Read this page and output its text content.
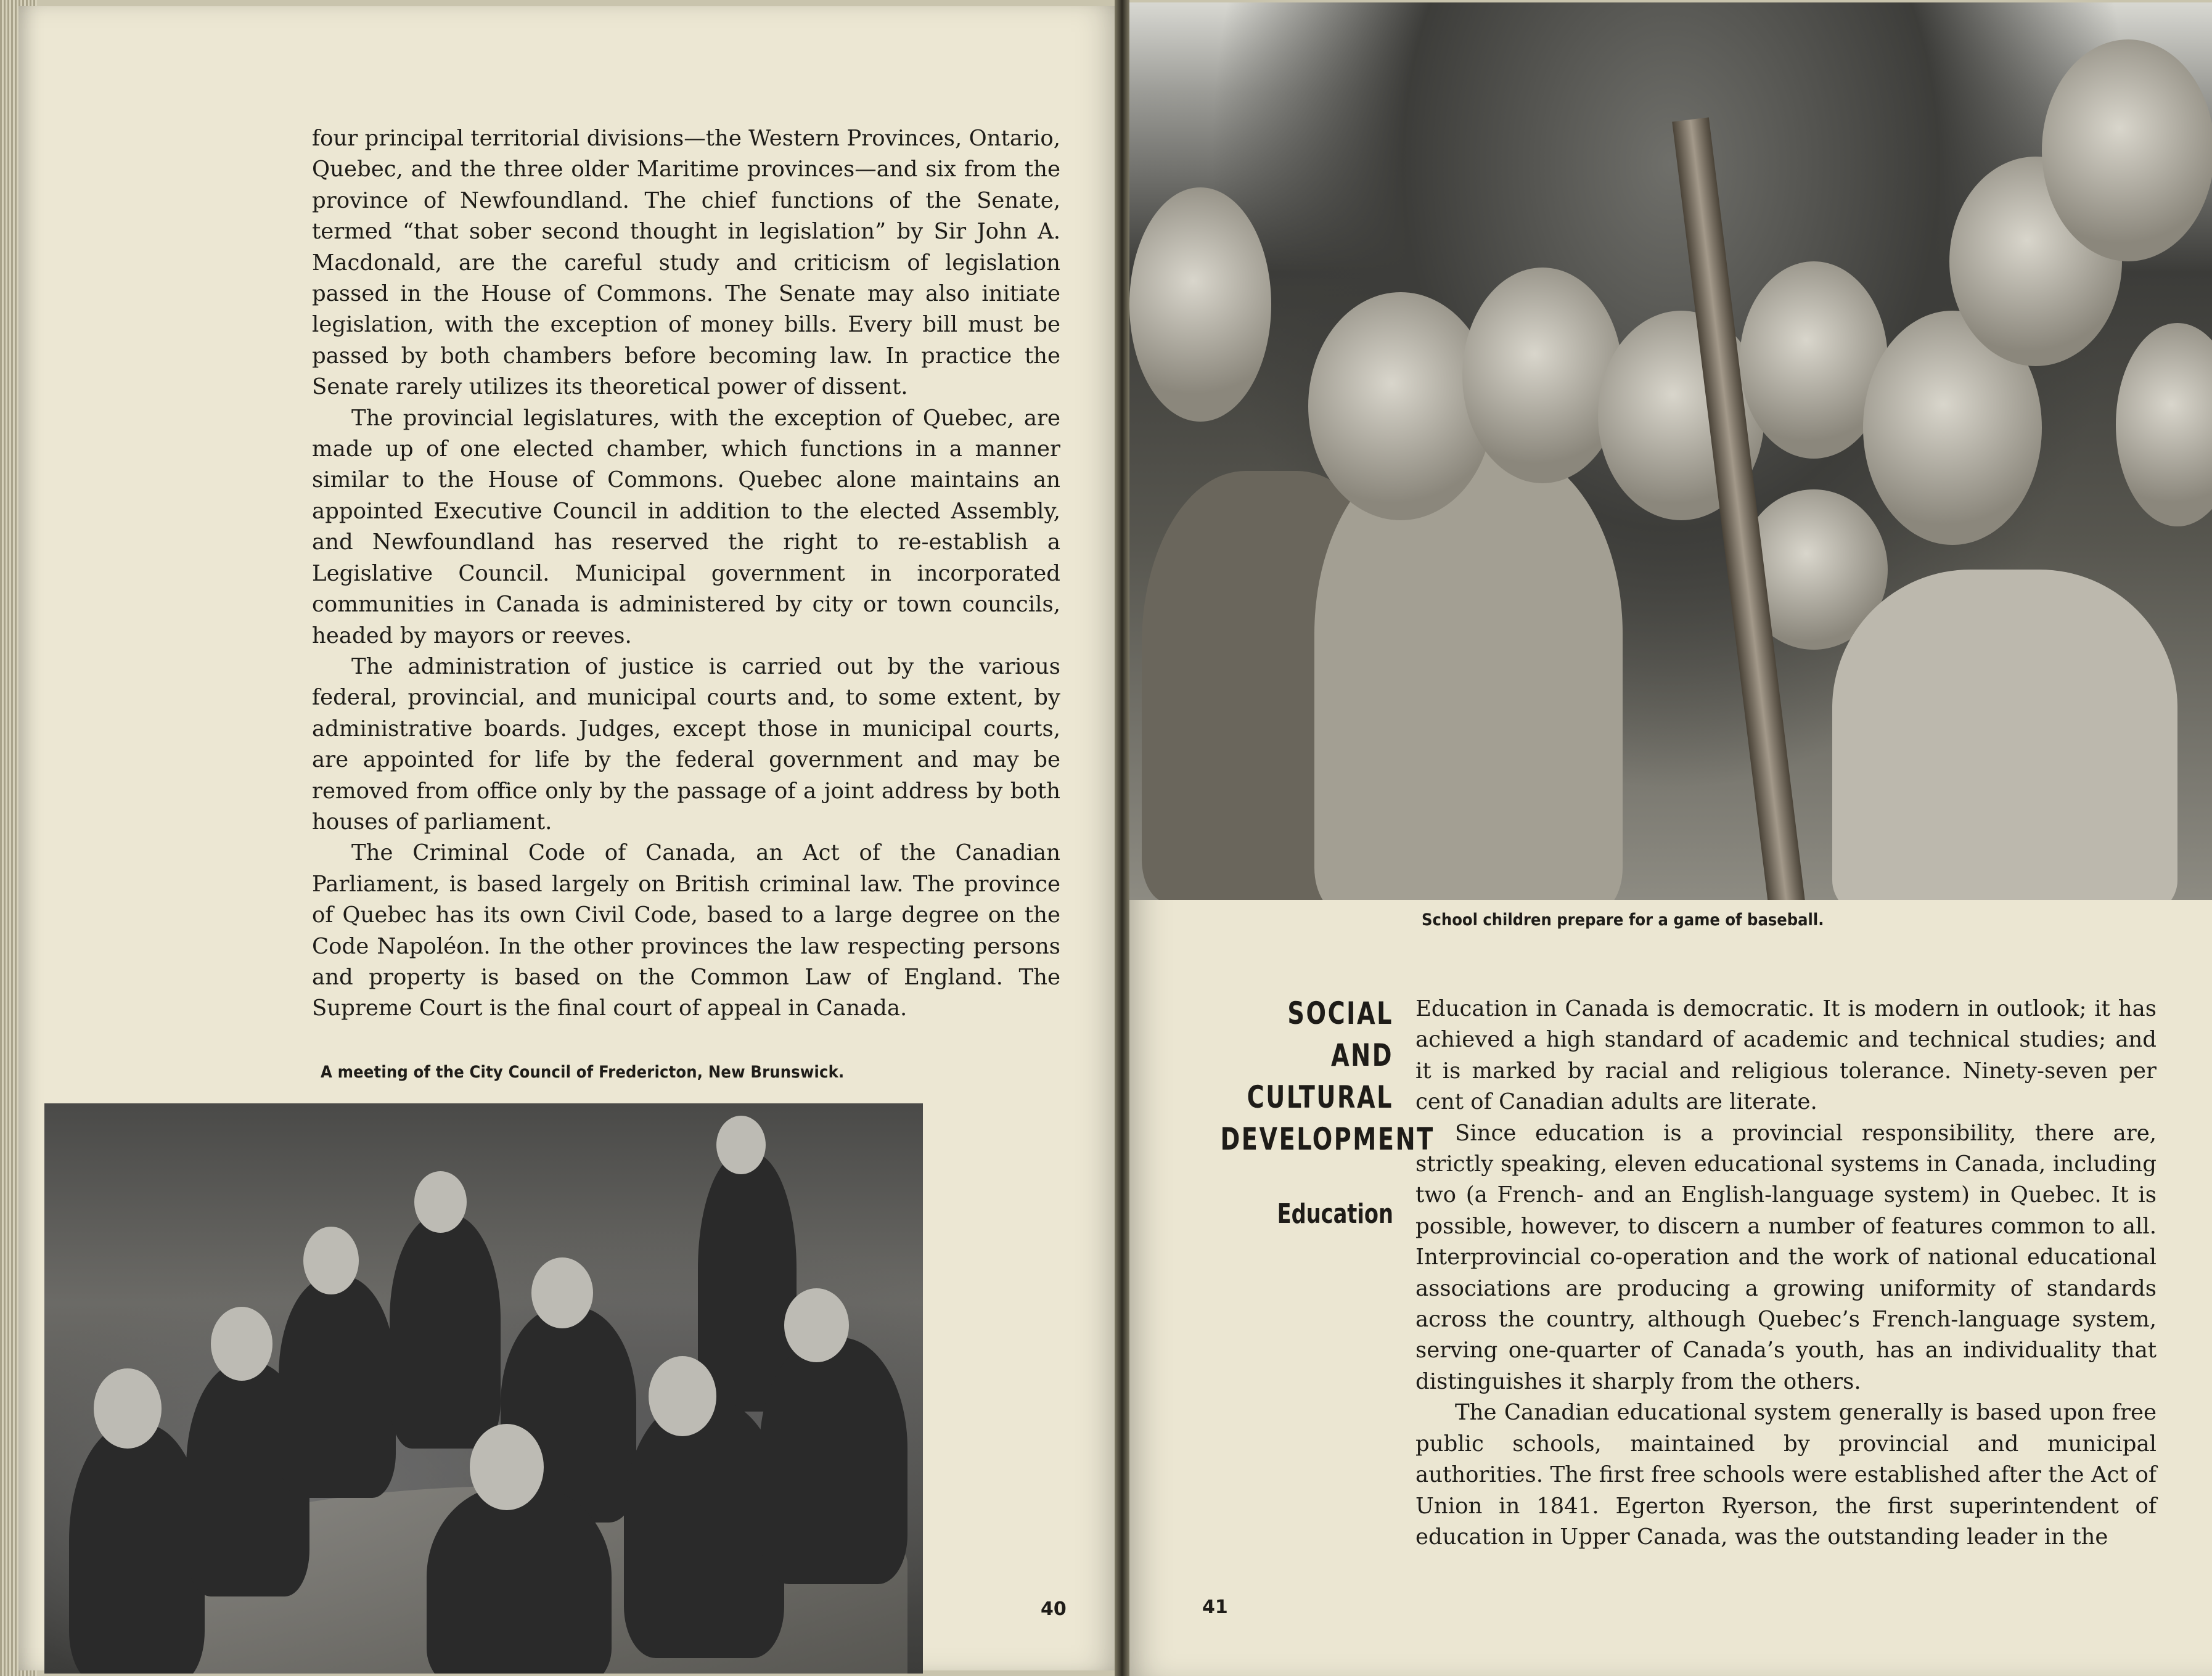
four principal territorial divisions—the Western Provinces, Ontario, Quebec, and the three older Maritime provinces—and six from the province of Newfoundland. The chief functions of the Senate, termed “that sober second thought in legislation” by Sir John A. Macdonald, are the careful study and criticism of legislation passed in the House of Commons. The Senate may also initiate legislation, with the exception of money bills. Every bill must be passed by both chambers before becoming law. In practice the Senate rarely utilizes its theoretical power of dissent.

The provincial legislatures, with the exception of Quebec, are made up of one elected chamber, which functions in a manner similar to the House of Commons. Quebec alone maintains an appointed Executive Council in addition to the elected Assembly, and Newfoundland has reserved the right to re-establish a Legislative Council. Municipal government in incorporated communities in Canada is administered by city or town councils, headed by mayors or reeves.

The administration of justice is carried out by the various federal, provincial, and municipal courts and, to some extent, by administrative boards. Judges, except those in municipal courts, are appointed for life by the federal government and may be removed from office only by the passage of a joint address by both houses of parliament.

The Criminal Code of Canada, an Act of the Canadian Parliament, is based largely on British criminal law. The province of Quebec has its own Civil Code, based to a large degree on the Code Napoléon. In the other provinces the law respecting persons and property is based on the Common Law of England. The Supreme Court is the final court of appeal in Canada.

A meeting of the City Council of Fredericton, New Brunswick.
40
School children prepare for a game of baseball.
SOCIAL AND
CULTURAL
DEVELOPMENT
Education

Education in Canada is democratic. It is modern in outlook; it has achieved a high standard of academic and technical studies; and it is marked by racial and religious tolerance. Ninety-seven per cent of Canadian adults are literate.

Since education is a provincial responsibility, there are, strictly speaking, eleven educational systems in Canada, including two (a French- and an English-language system) in Quebec. It is possible, however, to discern a number of features common to all. Interprovincial co-operation and the work of national educational associations are producing a growing uniformity of standards across the country, although Quebec’s French-language system, serving one-quarter of Canada’s youth, has an individuality that distinguishes it sharply from the others.

The Canadian educational system generally is based upon free public schools, maintained by provincial and municipal authorities. The first free schools were established after the Act of Union in 1841. Egerton Ryerson, the first superintendent of education in Upper Canada, was the outstanding leader in the

41
